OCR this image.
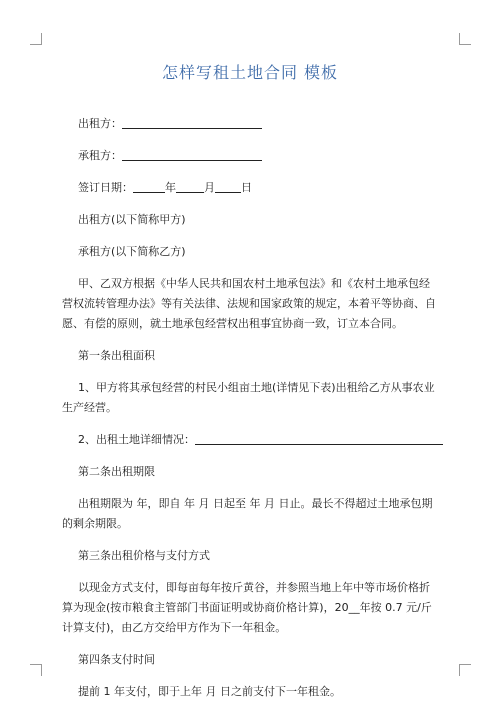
怎样写租土地合同 模板

出租方：

承租方：

签订日期：	年	月 日

出租方(以下简称甲方)

承租方(以下简称乙方)

甲、乙双方根据《中华人民共和国农村土地承包法》和《农村土地承包经营权流转管理办法》等有关法律、法规和国家政策的规定，本着平等协商、自愿、有偿的原则，就土地承包经营权出租事宜协商一致，订立本合同。

第一条出租面积

1、甲方将其承包经营的村民小组亩土地(详情见下表)出租给乙方从事农业生产经营。

2、出租土地详细情况：

第二条出租期限

出租期限为 年，即自 年 月 日起至 年 月 日止。最长不得超过土地承包期的剩余期限。

第三条出租价格与支付方式

以现金方式支付，即每亩每年按斤黄谷，并参照当地上年中等市场价格折算为现金(按市粮食主管部门书面证明或协商价格计算)，20__年按 0.7 元/斤计算支付)，由乙方交给甲方作为下一年租金。

第四条支付时间

提前 1 年支付，即于上年 月 日之前支付下一年租金。
